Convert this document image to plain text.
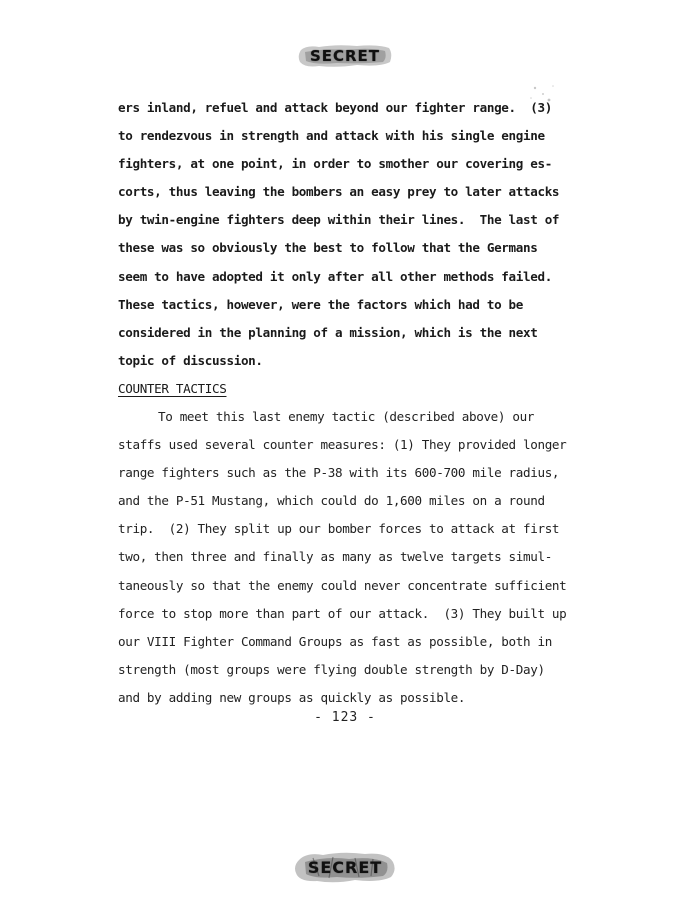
SECRET
ers inland, refuel and attack beyond our fighter range.  (3)
to rendezvous in strength and attack with his single engine
fighters, at one point, in order to smother our covering es-
corts, thus leaving the bombers an easy prey to later attacks
by twin-engine fighters deep within their lines.  The last of
these was so obviously the best to follow that the Germans
seem to have adopted it only after all other methods failed.
These tactics, however, were the factors which had to be
considered in the planning of a mission, which is the next
topic of discussion.
COUNTER TACTICS
To meet this last enemy tactic (described above) our
staffs used several counter measures: (1) They provided longer
range fighters such as the P-38 with its 600-700 mile radius,
and the P-51 Mustang, which could do 1,600 miles on a round
trip.  (2) They split up our bomber forces to attack at first
two, then three and finally as many as twelve targets simul-
taneously so that the enemy could never concentrate sufficient
force to stop more than part of our attack.  (3) They built up
our VIII Fighter Command Groups as fast as possible, both in
strength (most groups were flying double strength by D-Day)
and by adding new groups as quickly as possible.
- 123 -
SECRET
